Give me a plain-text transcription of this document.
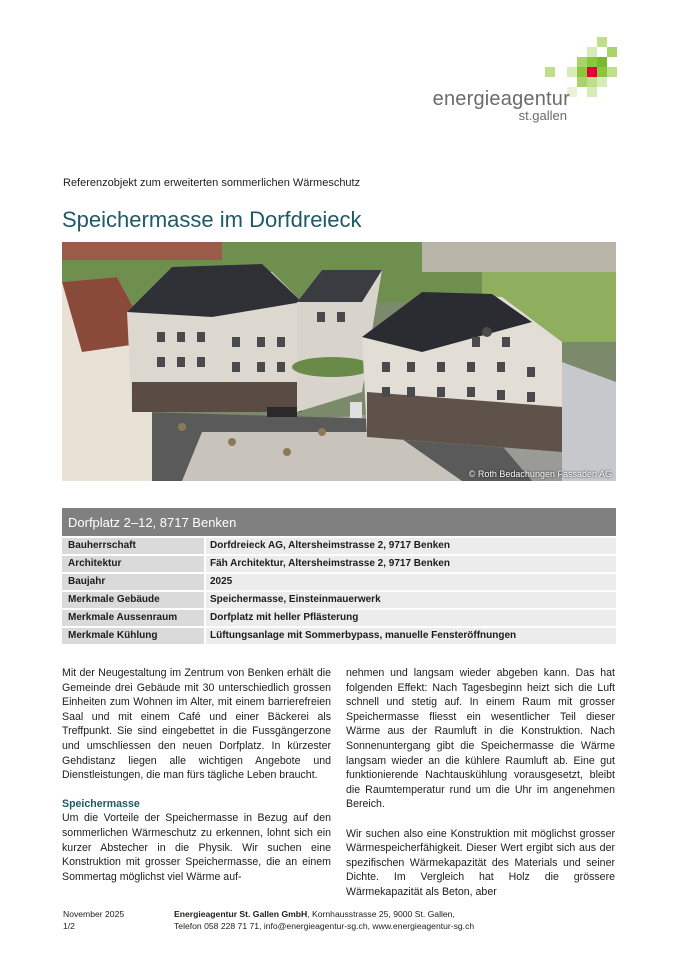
energieagentur
st.gallen
Referenzobjekt zum erweiterten sommerlichen Wärmeschutz
Speichermasse im Dorfdreieck
© Roth Bedachungen Fassaden AG
Dorfplatz 2–12, 8717 Benken
Bauherrschaft	Dorfdreieck AG, Altersheimstrasse 2, 9717 Benken
Architektur	Fäh Architektur, Altersheimstrasse 2, 9717 Benken
Baujahr	2025
Merkmale Gebäude	Speichermasse, Einsteinmauerwerk
Merkmale Aussenraum	Dorfplatz mit heller Pflästerung
Merkmale Kühlung	Lüftungsanlage mit Sommerbypass, manuelle Fensteröffnungen

Mit der Neugestaltung im Zentrum von Benken erhält die Gemeinde drei Gebäude mit 30 unterschiedlich grossen Einheiten zum Wohnen im Alter, mit einem barrierefreien Saal und mit einem Café und einer Bäckerei als Treffpunkt. Sie sind eingebettet in die Fussgängerzone und umschliessen den neuen Dorfplatz. In kürzester Gehdistanz liegen alle wichtigen Angebote und Dienstleistungen, die man fürs tägliche Leben braucht.

Speichermasse

Um die Vorteile der Speichermasse in Bezug auf den sommerlichen Wärmeschutz zu erkennen, lohnt sich ein kurzer Abstecher in die Physik. Wir suchen eine Konstruktion mit grosser Speichermasse, die an einem Sommertag möglichst viel Wärme auf-

nehmen und langsam wieder abgeben kann. Das hat folgenden Effekt: Nach Tagesbeginn heizt sich die Luft schnell und stetig auf. In einem Raum mit grosser Speichermasse fliesst ein wesentlicher Teil dieser Wärme aus der Raumluft in die Konstruktion. Nach Sonnenuntergang gibt die Speichermasse die Wärme langsam wieder an die kühlere Raumluft ab. Eine gut funktionierende Nachtauskühlung vorausgesetzt, bleibt die Raumtemperatur rund um die Uhr im angenehmen Bereich.

Wir suchen also eine Konstruktion mit möglichst grosser Wärmespeicherfähigkeit. Dieser Wert ergibt sich aus der spezifischen Wärmekapazität des Materials und seiner Dichte. Im Vergleich hat Holz die grössere Wärmekapazität als Beton, aber

November 2025
1/2
Energieagentur St. Gallen GmbH, Kornhausstrasse 25, 9000 St. Gallen,
Telefon 058 228 71 71, info@energieagentur-sg.ch, www.energieagentur-sg.ch
